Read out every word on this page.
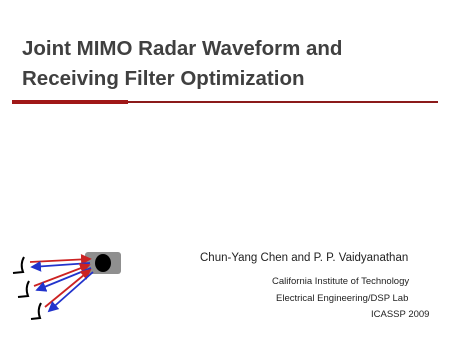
Joint MIMO Radar Waveform and
Receiving Filter Optimization
Chun-Yang Chen and P. P. Vaidyanathan
California Institute of Technology
Electrical Engineering/DSP Lab
ICASSP 2009
